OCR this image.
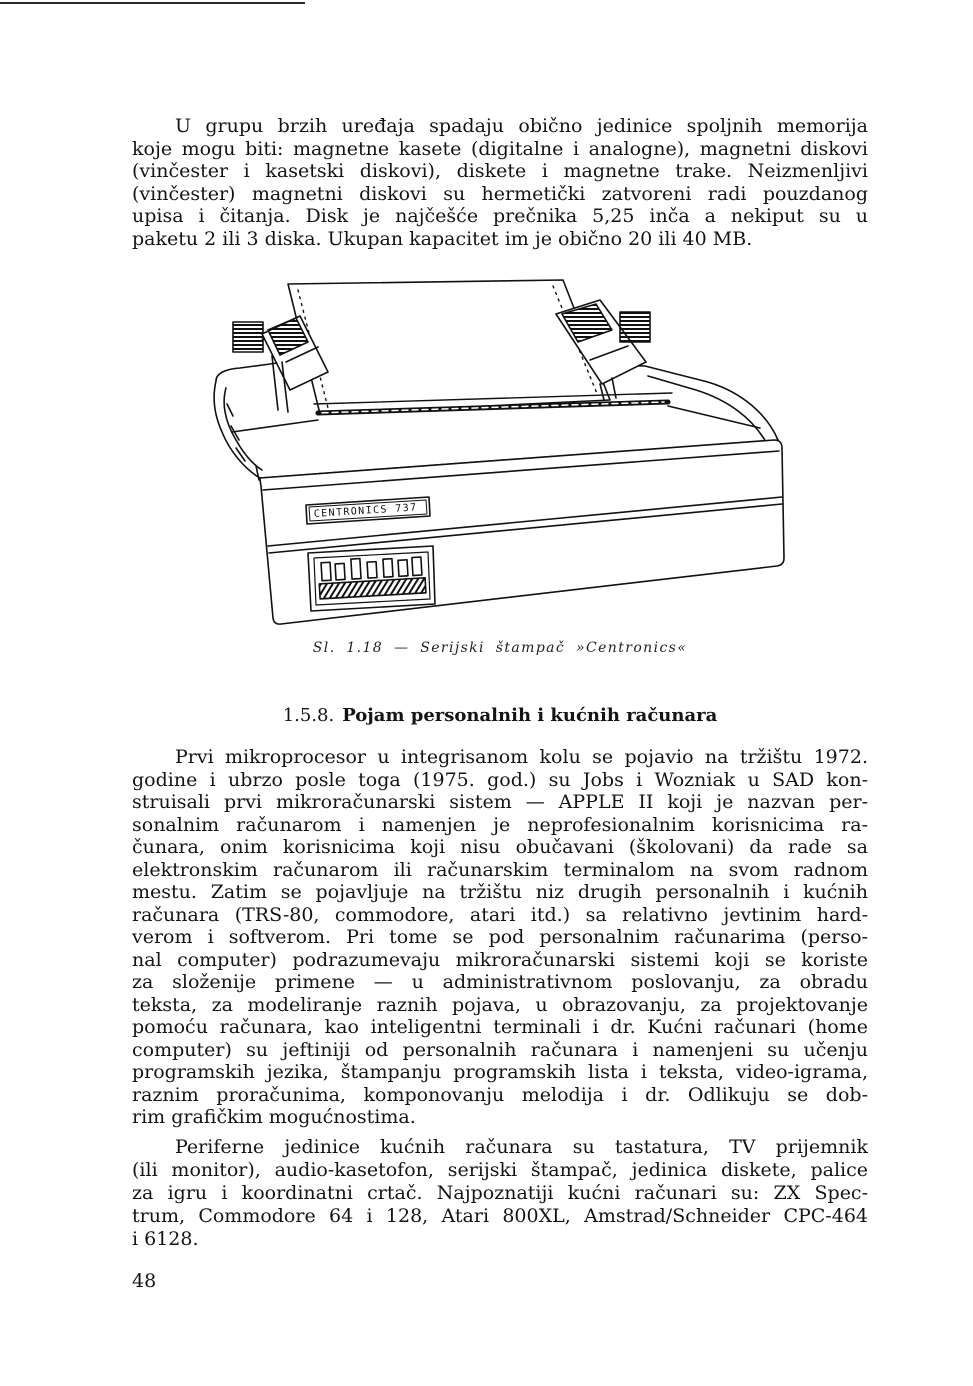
U grupu brzih uređaja spadaju obično jedinice spoljnih memorija
koje mogu biti: magnetne kasete (digitalne i analogne), magnetni diskovi
(vinčester i kasetski diskovi), diskete i magnetne trake. Neizmenljivi
(vinčester) magnetni diskovi su hermetički zatvoreni radi pouzdanog
upisa i čitanja. Disk je najčešće prečnika 5,25 inča a nekiput su u
paketu 2 ili 3 diska. Ukupan kapacitet im je obično 20 ili 40 MB.
CENTRONICS 737
Sl. 1.18 — Serijski štampač »Centronics«
1.5.8. Pojam personalnih i kućnih računara
Prvi mikroprocesor u integrisanom kolu se pojavio na tržištu 1972.
godine i ubrzo posle toga (1975. god.) su Jobs i Wozniak u SAD kon-
struisali prvi mikroračunarski sistem — APPLE II koji je nazvan per-
sonalnim računarom i namenjen je neprofesionalnim korisnicima ra-
čunara, onim korisnicima koji nisu obučavani (školovani) da rade sa
elektronskim računarom ili računarskim terminalom na svom radnom
mestu. Zatim se pojavljuje na tržištu niz drugih personalnih i kućnih
računara (TRS-80, commodore, atari itd.) sa relativno jevtinim hard-
verom i softverom. Pri tome se pod personalnim računarima (perso-
nal computer) podrazumevaju mikroračunarski sistemi koji se koriste
za složenije primene — u administrativnom poslovanju, za obradu
teksta, za modeliranje raznih pojava, u obrazovanju, za projektovanje
pomoću računara, kao inteligentni terminali i dr. Kućni računari (home
computer) su jeftiniji od personalnih računara i namenjeni su učenju
programskih jezika, štampanju programskih lista i teksta, video-igrama,
raznim proračunima, komponovanju melodija i dr. Odlikuju se dob-
rim grafičkim mogućnostima.
Periferne jedinice kućnih računara su tastatura, TV prijemnik
(ili monitor), audio-kasetofon, serijski štampač, jedinica diskete, palice
za igru i koordinatni crtač. Najpoznatiji kućni računari su: ZX Spec-
trum, Commodore 64 i 128, Atari 800XL, Amstrad/Schneider CPC-464
i 6128.
48
